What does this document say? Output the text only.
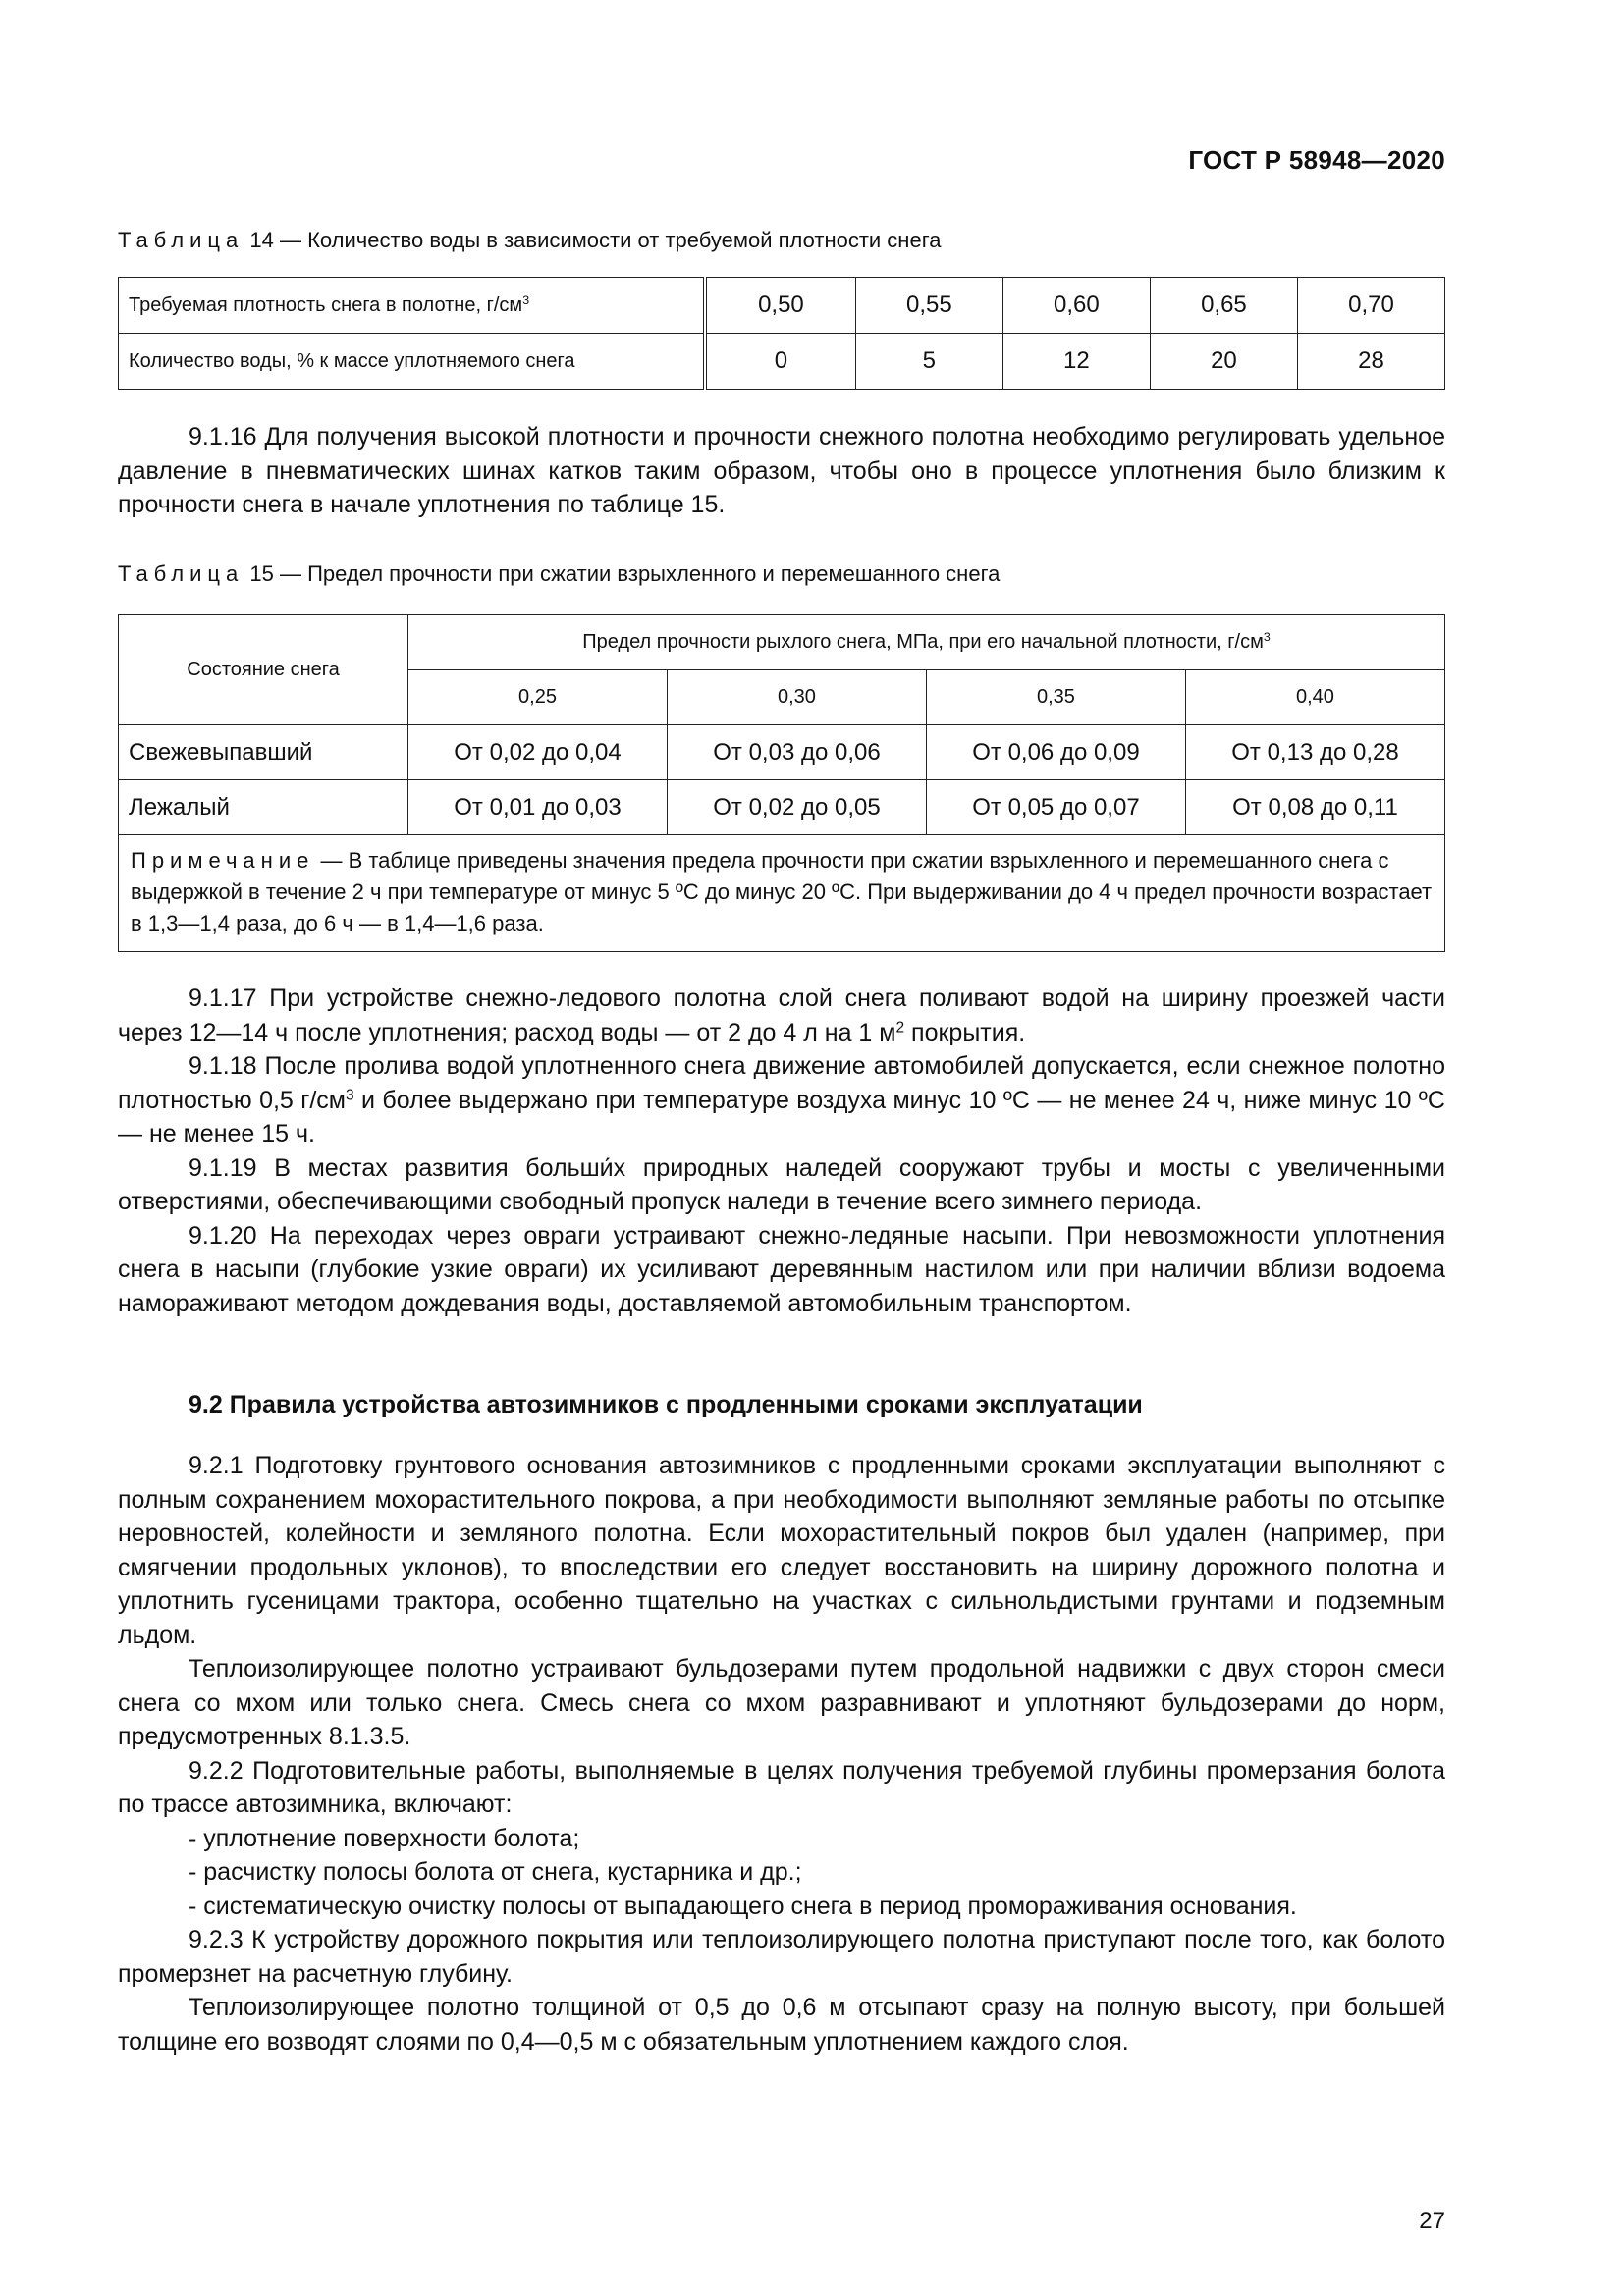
ГОСТ Р 58948—2020
Таблица 14 — Количество воды в зависимости от требуемой плотности снега
Требуемая плотность снега в полотне, $г/см^3$	0,50	0,55	0,60	0,65	0,70
Количество воды, % к массе уплотняемого снега	0	5	12	20	28

9.1.16 Для получения высокой плотности и прочности снежного полотна необходимо регулировать удельное давление в пневматических шинах катков таким образом, чтобы оно в процессе уплотнения было близким к прочности снега в начале уплотнения по таблице 15.

Таблица 15 — Предел прочности при сжатии взрыхленного и перемешанного снега
Состояние снега	Предел прочности рыхлого снега, МПа, при его начальной плотности, $г/см^3$
	0,25	0,30	0,35	0,40
Свежевыпавший	От 0,02 до 0,04	От 0,03 до 0,06	От 0,06 до 0,09	От 0,13 до 0,28
Лежалый	От 0,01 до 0,03	От 0,02 до 0,05	От 0,05 до 0,07	От 0,08 до 0,11
Примечание — В таблице приведены значения предела прочности при сжатии взрыхленного и перемешанного снега с выдержкой в течение 2 ч при температуре от минус 5 ºС до минус 20 ºС. При выдерживании до 4 ч предел прочности возрастает в 1,3—1,4 раза, до 6 ч — в 1,4—1,6 раза.				

9.1.17 При устройстве снежно-ледового полотна слой снега поливают водой на ширину проезжей части через 12—14 ч после уплотнения; расход воды — от 2 до 4 л на 1 $м^2$ покрытия.

9.1.18 После пролива водой уплотненного снега движение автомобилей допускается, если снежное полотно плотностью 0,5 $г/см^3$ и более выдержано при температуре воздуха минус 10 ºС — не менее 24 ч, ниже минус 10 ºС — не менее 15 ч.

9.1.19 В местах развития больши́х природных наледей сооружают трубы и мосты с увеличенными отверстиями, обеспечивающими свободный пропуск наледи в течение всего зимнего периода.

9.1.20 На переходах через овраги устраивают снежно-ледяные насыпи. При невозможности уплотнения снега в насыпи (глубокие узкие овраги) их усиливают деревянным настилом или при наличии вблизи водоема намораживают методом дождевания воды, доставляемой автомобильным транспортом.

9.2 Правила устройства автозимников с продленными сроками эксплуатации

9.2.1 Подготовку грунтового основания автозимников с продленными сроками эксплуатации выполняют с полным сохранением мохорастительного покрова, а при необходимости выполняют земляные работы по отсыпке неровностей, колейности и земляного полотна. Если мохорастительный покров был удален (например, при смягчении продольных уклонов), то впоследствии его следует восстановить на ширину дорожного полотна и уплотнить гусеницами трактора, особенно тщательно на участках с сильнольдистыми грунтами и подземным льдом.

Теплоизолирующее полотно устраивают бульдозерами путем продольной надвижки с двух сторон смеси снега со мхом или только снега. Смесь снега со мхом разравнивают и уплотняют бульдозерами до норм, предусмотренных 8.1.3.5.

9.2.2 Подготовительные работы, выполняемые в целях получения требуемой глубины промерзания болота по трассе автозимника, включают:

- уплотнение поверхности болота;

- расчистку полосы болота от снега, кустарника и др.;

- систематическую очистку полосы от выпадающего снега в период промораживания основания.

9.2.3 К устройству дорожного покрытия или теплоизолирующего полотна приступают после того, как болото промерзнет на расчетную глубину.

Теплоизолирующее полотно толщиной от 0,5 до 0,6 м отсыпают сразу на полную высоту, при большей толщине его возводят слоями по 0,4—0,5 м с обязательным уплотнением каждого слоя.

27
